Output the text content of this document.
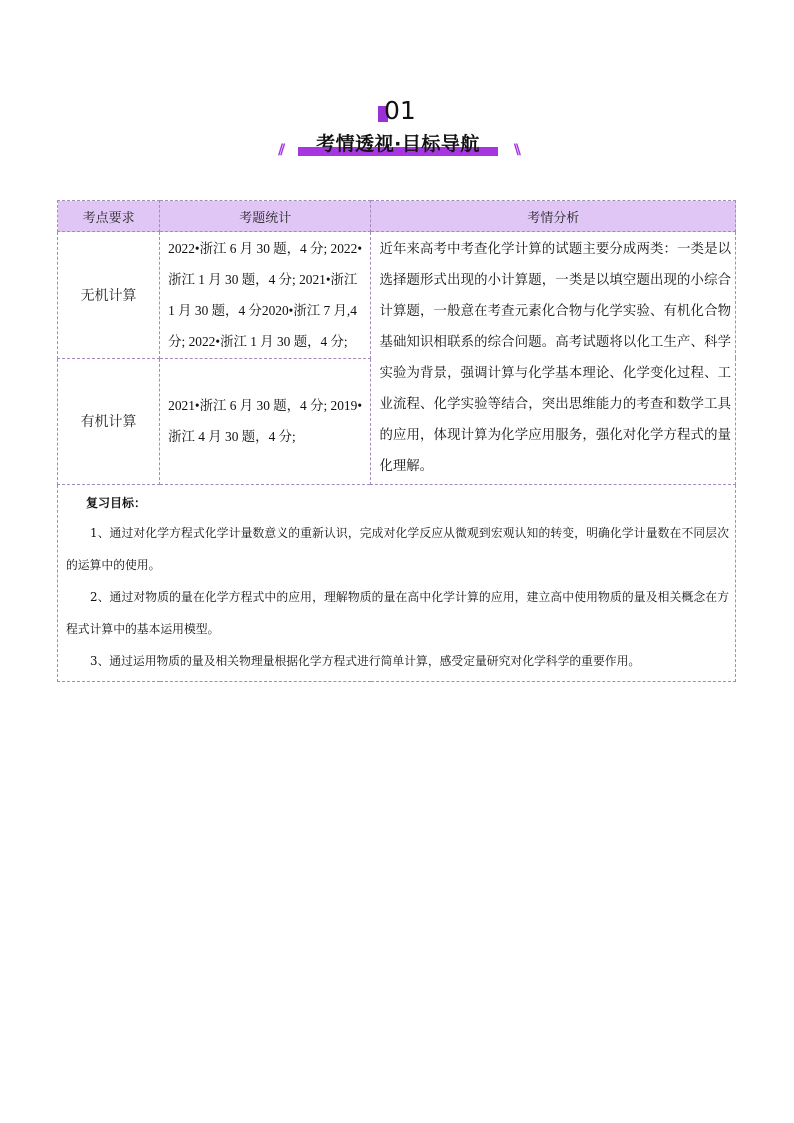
01
//	考情透视·目标导航	\\
考点要求	考题统计	考情分析
无机计算	2022•浙江 6 月 30 题，4 分; 2022•浙江 1 月 30 题，4 分; 2021•浙江 1 月 30 题，4 分2020•浙江 7 月,4 分; 2022•浙江 1 月 30 题，4 分;	近年来高考中考查化学计算的试题主要分成两类：一类是以选择题形式出现的小计算题，一类是以填空题出现的小综合计算题，一般意在考查元素化合物与化学实验、有机化合物基础知识相联系的综合问题。高考试题将以化工生产、科学实验为背景，强调计算与化学基本理论、化学变化过程、工业流程、化学实验等结合，突出思维能力的考查和数学工具的应用，体现计算为化学应用服务，强化对化学方程式的量化理解。
有机计算	2021•浙江 6 月 30 题，4 分; 2019•浙江 4 月 30 题，4 分;	

复习目标：
1、通过对化学方程式化学计量数意义的重新认识，完成对化学反应从微观到宏观认知的转变，明确化学计量数在不同层次的运算中的使用。
2、通过对物质的量在化学方程式中的应用，理解物质的量在高中化学计算的应用，建立高中使用物质的量及相关概念在方程式计算中的基本运用模型。
3、通过运用物质的量及相关物理量根据化学方程式进行简单计算，感受定量研究对化学科学的重要作用。		
